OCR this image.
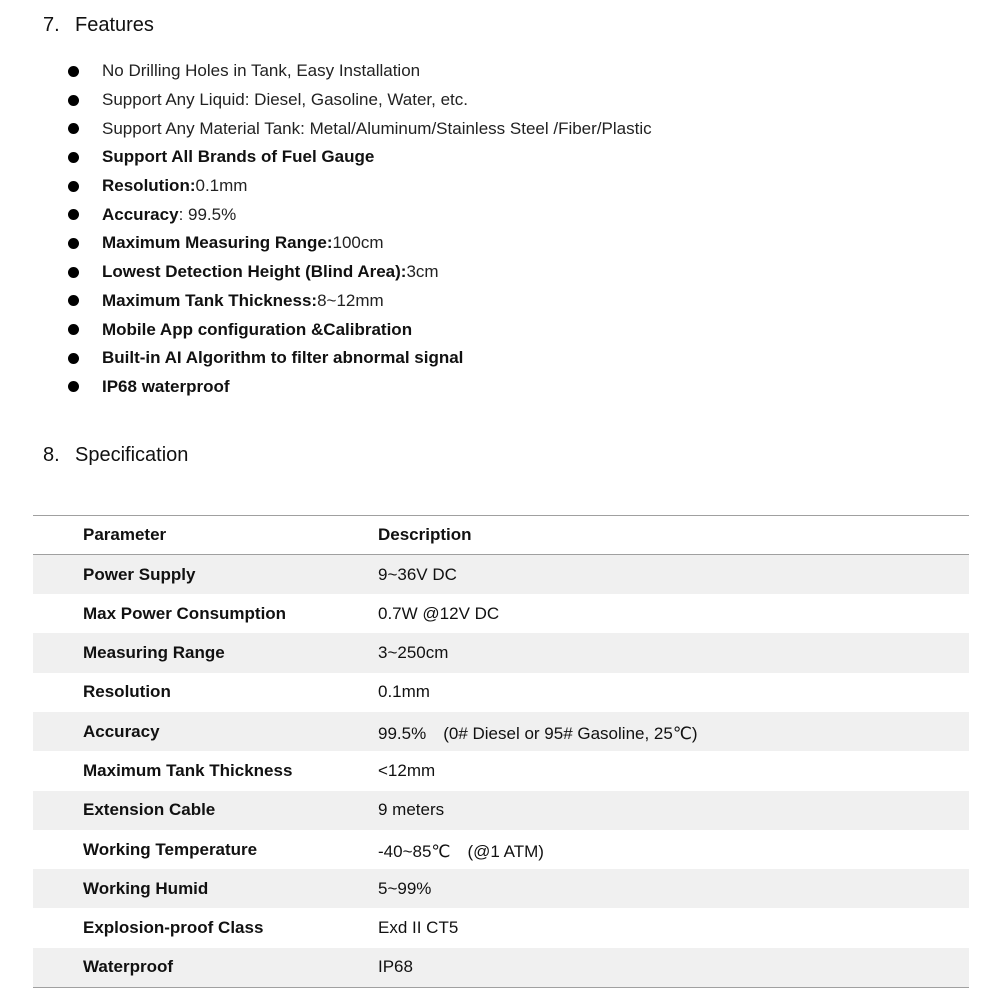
7. Features
No Drilling Holes in Tank, Easy Installation
Support Any Liquid: Diesel, Gasoline, Water, etc.
Support Any Material Tank: Metal/Aluminum/Stainless Steel /Fiber/Plastic
Support All Brands of Fuel Gauge
Resolution: 0.1mm
Accuracy : 99.5%
Maximum Measuring Range: 100cm
Lowest Detection Height (Blind Area): 3cm
Maximum Tank Thickness: 8~12mm
Mobile App configuration &Calibration
Built-in AI Algorithm to filter abnormal signal
IP68 waterproof
8. Specification
Parameter	Description
Power Supply	9~36V DC
Max Power Consumption	0.7W @12V DC
Measuring Range	3~250cm
Resolution	0.1mm
Accuracy	99.5%　(0# Diesel or 95# Gasoline, 25℃)
Maximum Tank Thickness	<12mm
Extension Cable	9 meters
Working Temperature	-40~85℃　(@1 ATM)
Working Humid	5~99%
Explosion-proof Class	Exd II CT5
Waterproof	IP68
